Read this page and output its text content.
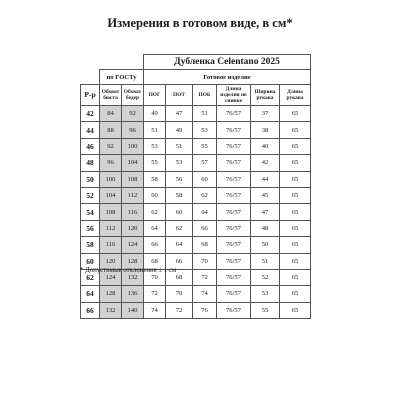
Измерения в готовом виде, в см*
			Дубленка Celentano 2025					
	по ГОСТу		Готовое изделие					
Р-р	Обхват бюста	Обхват бедер	ПОГ	ПОТ	ПОБ	Длина изделия по спинке	Ширина рукава	Длина рукава
42	84	92	49	47	51	76/57	37	65
44	88	96	51	49	53	76/57	38	65
46	92	100	53	51	55	76/57	40	65
48	96	104	55	53	57	76/57	42	65
50	100	108	58	56	60	76/57	44	65
52	104	112	60	58	62	76/57	45	65
54	108	116	62	60	64	76/57	47	65
56	112	120	64	62	66	76/57	48	65
58	116	124	66	64	68	76/57	50	65
60	120	128	68	66	70	76/57	51	65
62	124	132	70	68	72	76/57	52	65
64	128	136	72	70	74	76/57	53	65
66	132	140	74	72	76	76/57	55	65
* Допустимые отклонения ± 1 см
